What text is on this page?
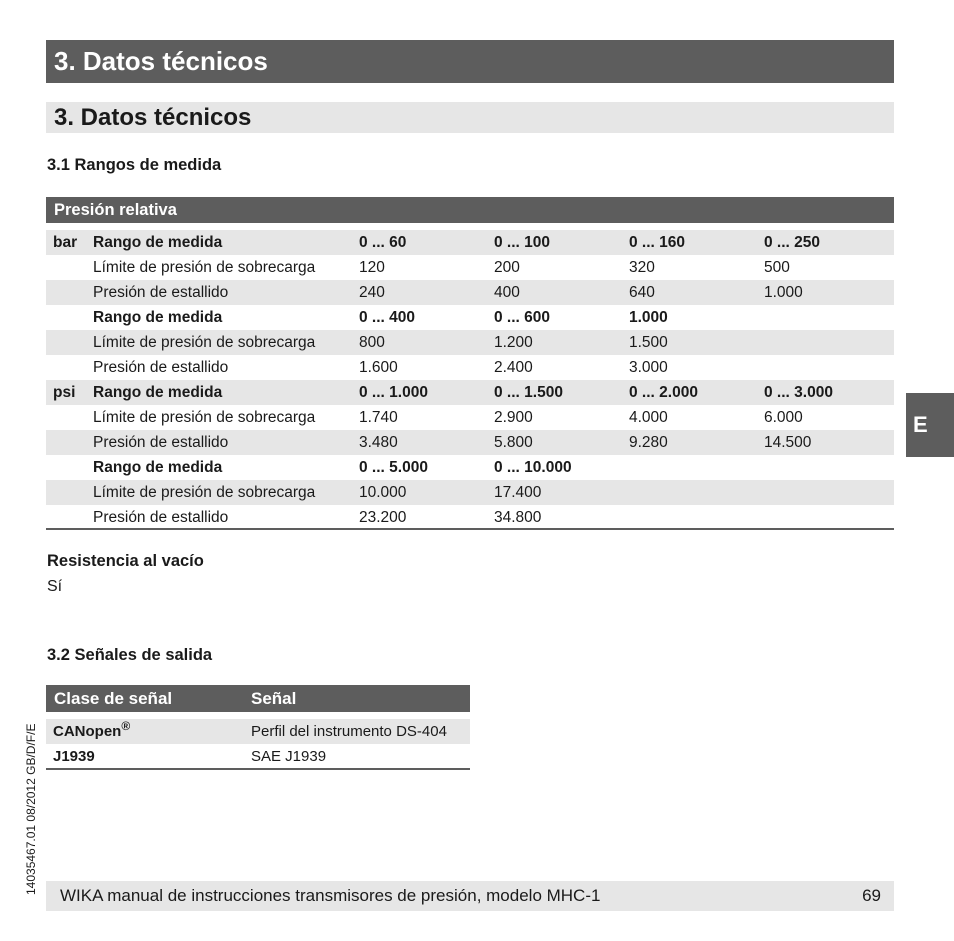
3. Datos técnicos
3. Datos técnicos
3.1 Rangos de medida
Presión relativa
bar Rango de medida	0 ... 60	0 ... 100	0 ... 160	0 ... 250
Límite de presión de sobrecarga	120	200	320	500
Presión de estallido	240	400	640	1.000
Rango de medida	0 ... 400	0 ... 600	1.000
Límite de presión de sobrecarga	800	1.200	1.500
Presión de estallido	1.600	2.400	3.000
psi Rango de medida	0 ... 1.000	0 ... 1.500	0 ... 2.000	0 ... 3.000
Límite de presión de sobrecarga	1.740	2.900	4.000	6.000
Presión de estallido	3.480	5.800	9.280	14.500
Rango de medida	0 ... 5.000	0 ... 10.000
Límite de presión de sobrecarga	10.000	17.400
Presión de estallido	23.200	34.800
Resistencia al vacío
Sí
3.2 Señales de salida
Clase de señal	Señal
CANopen®	Perfil del instrumento DS-404
J1939	SAE J1939
E
14035467.01 08/2012 GB/D/F/E
WIKA manual de instrucciones transmisores de presión, modelo MHC-1	69
